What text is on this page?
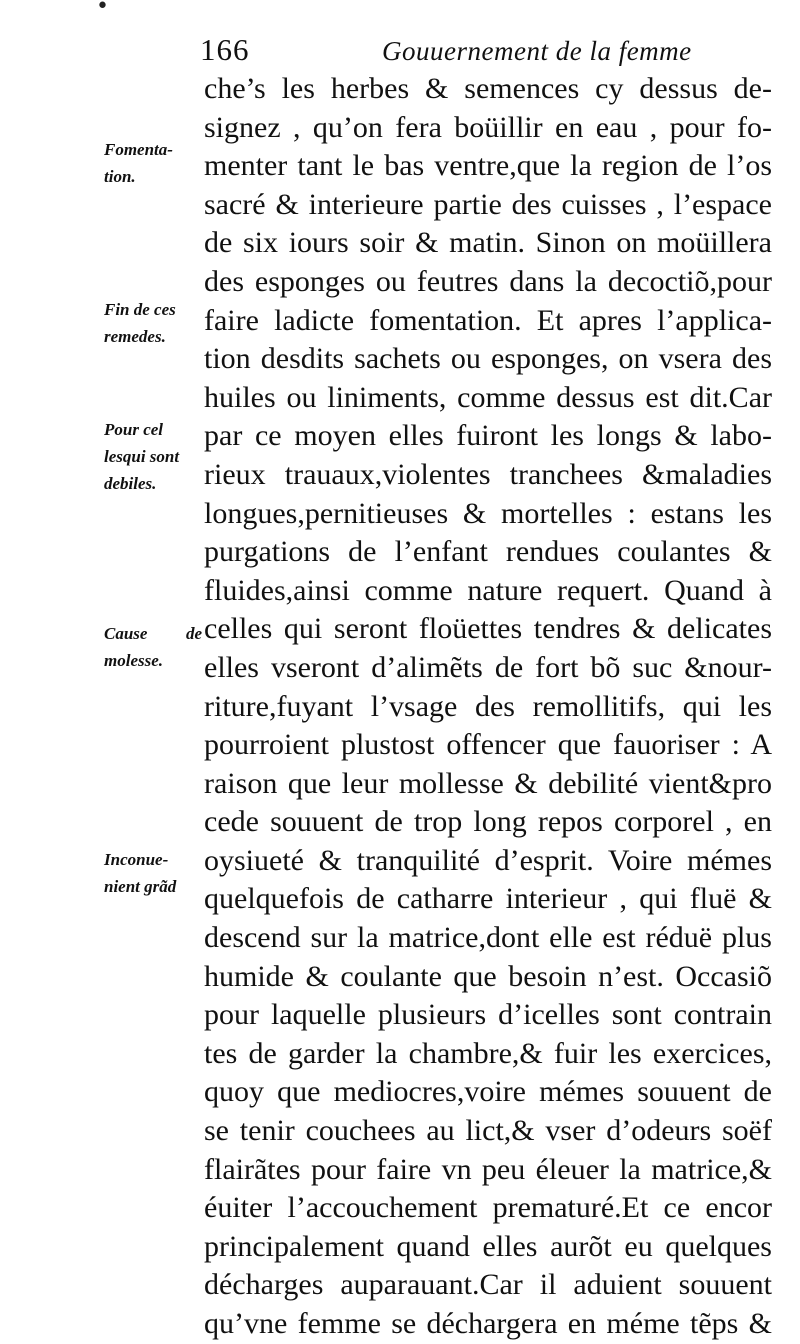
•
166	Gouuernement de la femme
Fomenta-
tion.
Fin de ces
remedes.
Pour cel
lesqui sont
debiles.
Cause de
molesse.
Inconue-
nient grãd
che’s les herbes & semences cy dessus de-
signez , qu’on fera boüillir en eau , pour fo-
menter tant le bas ventre,que la region de l’os
sacré & interieure partie des cuisses , l’espace
de six iours soir & matin. Sinon on moüillera
des esponges ou feutres dans la decoctiõ,pour
faire ladicte fomentation. Et apres l’applica-
tion desdits sachets ou esponges, on vsera des
huiles ou liniments, comme dessus est dit.Car
par ce moyen elles fuiront les longs & labo-
rieux trauaux,violentes tranchees &maladies
longues,pernitieuses & mortelles : estans les
purgations de l’enfant rendues coulantes &
fluides,ainsi comme nature requert. Quand à
celles qui seront floüettes tendres & delicates
elles vseront d’alimẽts de fort bõ suc &nour-
riture,fuyant l’vsage des remollitifs, qui les
pourroient plustost offencer que fauoriser : A
raison que leur mollesse & debilité vient&pro
cede souuent de trop long repos corporel , en
oysiueté & tranquilité d’esprit. Voire mémes
quelquefois de catharre interieur , qui fluë &
descend sur la matrice,dont elle est réduë plus
humide & coulante que besoin n’est. Occasiõ
pour laquelle plusieurs d’icelles sont contrain
tes de garder la chambre,& fuir les exercices,
quoy que mediocres,voire mémes souuent de
se tenir couchees au lict,& vser d’odeurs soëf
flairãtes pour faire vn peu éleuer la matrice,&
éuiter l’accouchement prematuré.Et ce encor
principalement quand elles aurõt eu quelques
décharges auparauant.Car il aduient souuent
qu’vne femme se déchargera en méme tẽps &
